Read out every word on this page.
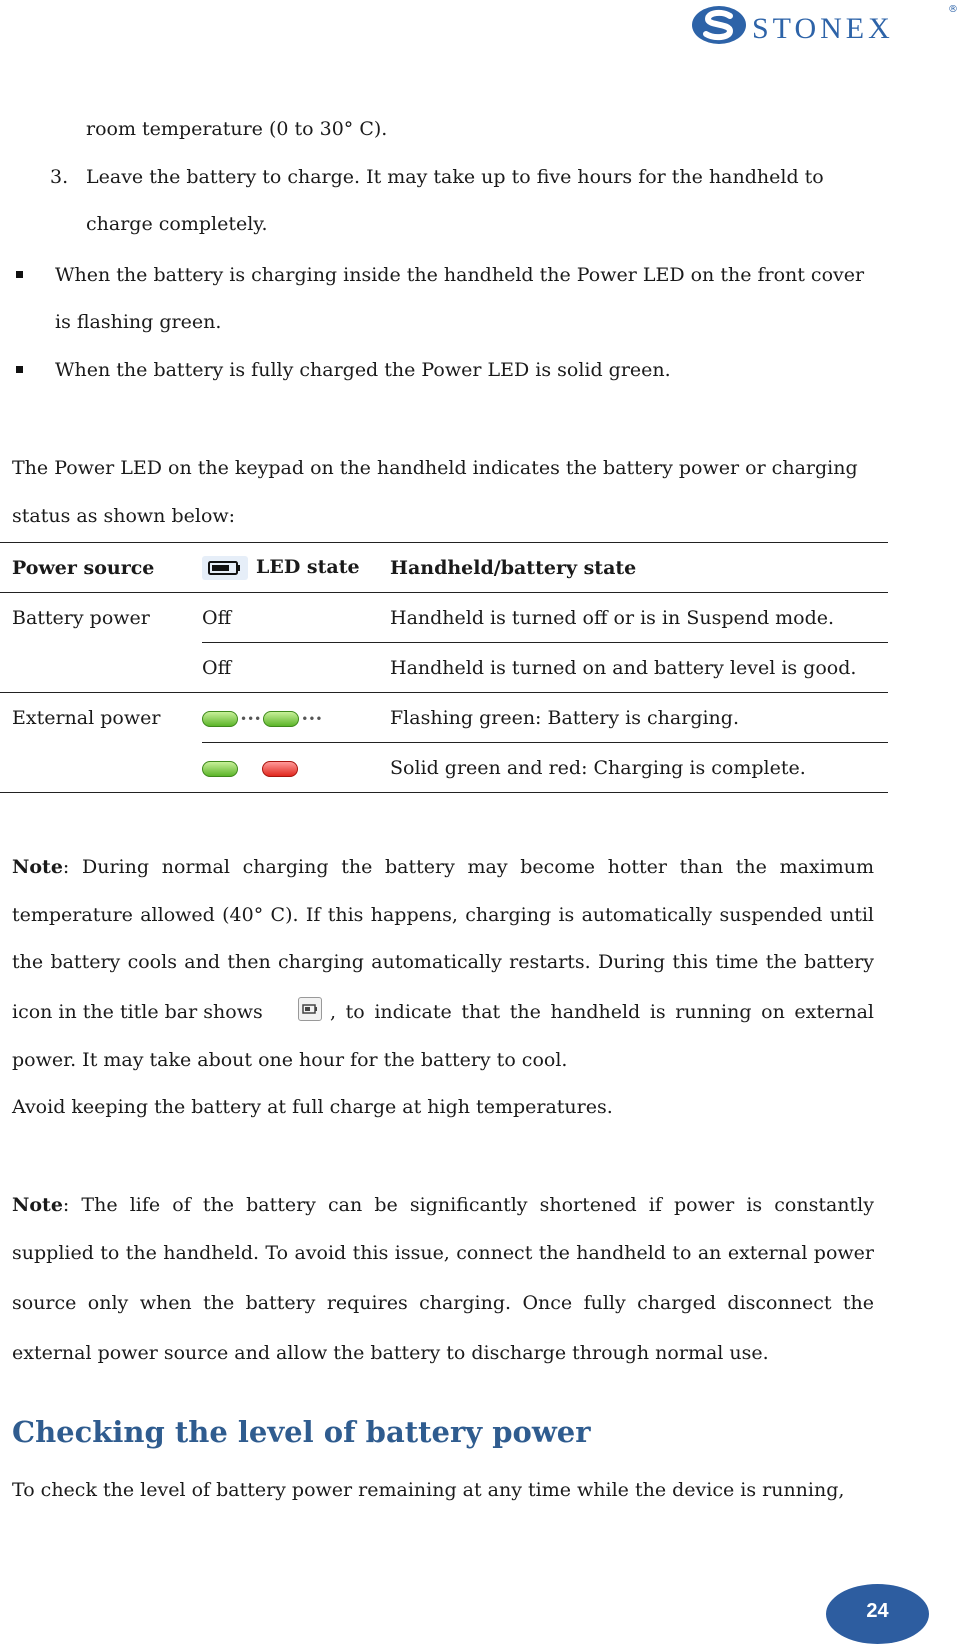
STONEX
®
room temperature (0 to 30° C).
3. Leave the battery to charge. It may take up to five hours for the handheld to
charge completely.
When the battery is charging inside the handheld the Power LED on the front cover
is flashing green.
When the battery is fully charged the Power LED is solid green.
The Power LED on the keypad on the handheld indicates the battery power or charging
status as shown below:
Power source	LED state	Handheld/battery state
Battery power	Off	Handheld is turned off or is in Suspend mode.
	Off	Handheld is turned on and battery level is good.
External power	••• •••	Flashing green: Battery is charging.
		Solid green and red: Charging is complete.
Note: During normal charging the battery may become hotter than the maximum
temperature allowed (40° C). If this happens, charging is automatically suspended until
the battery cools and then charging automatically restarts. During this time the battery
icon in the title bar shows	, to indicate that the handheld is running on external
power. It may take about one hour for the battery to cool.
Avoid keeping the battery at full charge at high temperatures.
Note: The life of the battery can be significantly shortened if power is constantly
supplied to the handheld. To avoid this issue, connect the handheld to an external power
source only when the battery requires charging. Once fully charged disconnect the
external power source and allow the battery to discharge through normal use.
Checking the level of battery power
To check the level of battery power remaining at any time while the device is running,
24
